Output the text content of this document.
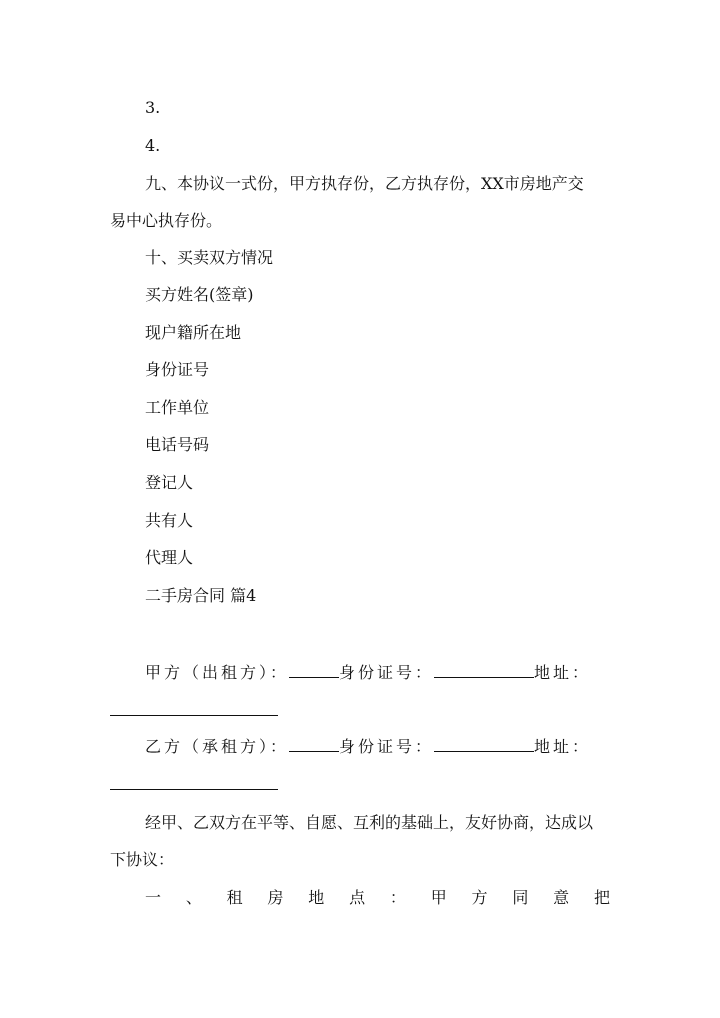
3.
4.
九、本协议一式份，甲方执存份，乙方执存份，XX市房地产交
易中心执存份。
十、买卖双方情况
买方姓名(签章)
现户籍所在地
身份证号
工作单位
电话号码
登记人
共有人
代理人
二手房合同 篇4
甲方（出租方）：	身份证号：	地址：
乙方（承租方）：	身份证号：	地址：
经甲、乙双方在平等、自愿、互利的基础上，友好协商，达成以
下协议：
一 、 租 房 地 点 ： 甲 方 同 意 把
